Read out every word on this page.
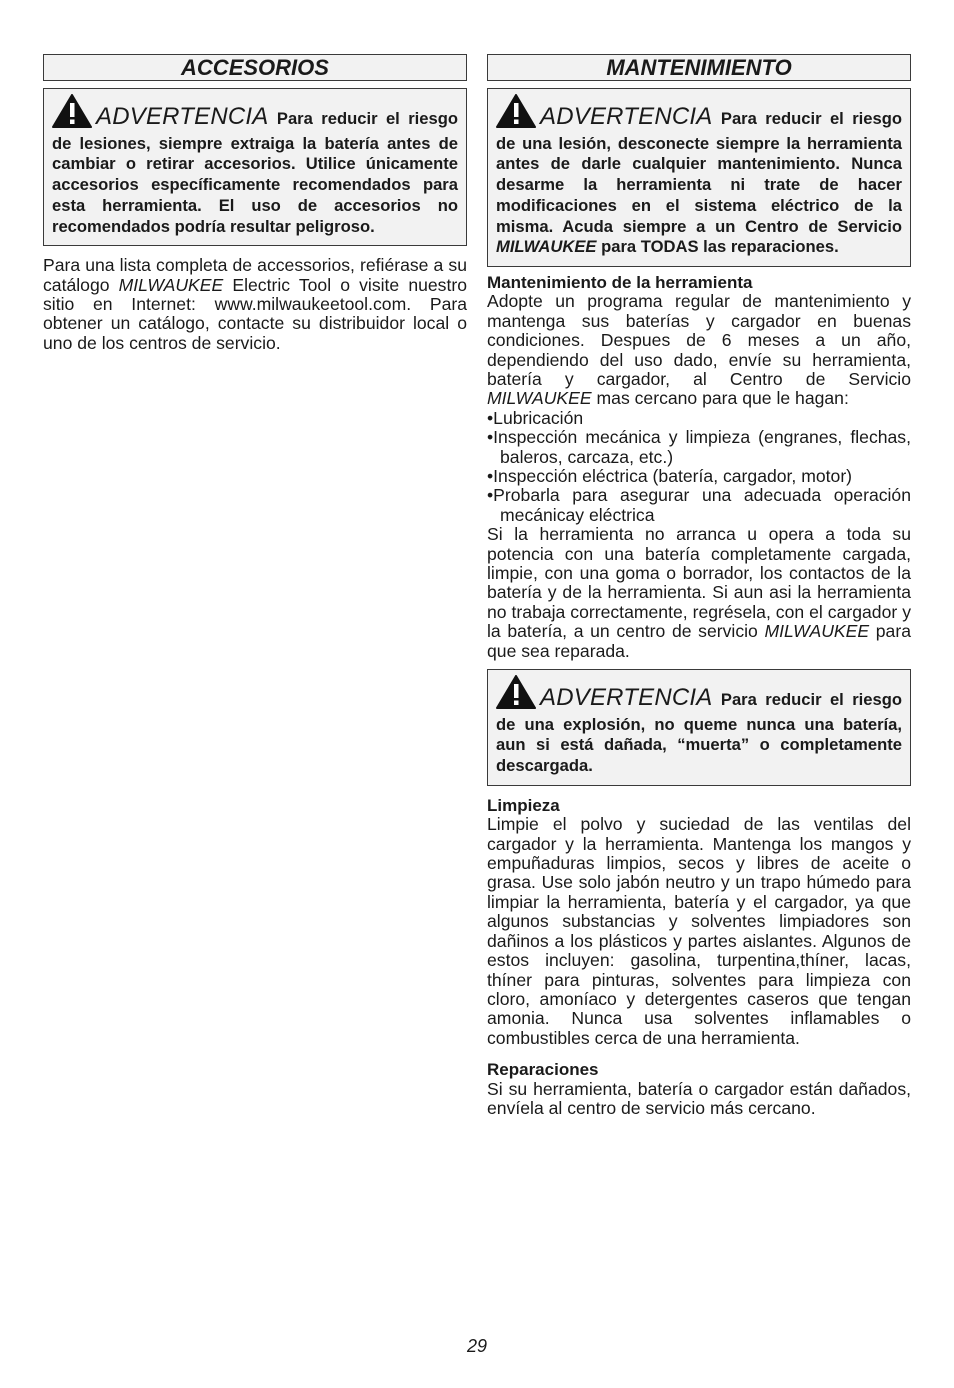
ACCESORIOS
ADVERTENCIA Para reducir el riesgo de lesiones, siempre extraiga la batería antes de cambiar o retirar accesorios. Utilice únicamente accesorios específicamente recomendados para esta herramienta. El uso de accesorios no recomendados podría resultar peligroso.

Para una lista completa de accessorios, refiérase a su catálogo MILWAUKEE Electric Tool o visite nuestro sitio en Internet: www.milwaukeetool.com. Para obtener un catálogo, contacte su distribuidor local o uno de los centros de servicio.

MANTENIMIENTO
ADVERTENCIA Para reducir el riesgo de una lesión, desconecte siempre la herramienta antes de darle cualquier mantenimiento. Nunca desarme la herramienta ni trate de hacer modificaciones en el sistema eléctrico de la misma. Acuda siempre a un Centro de Servicio MILWAUKEE para TODAS las reparaciones.

Mantenimiento de la herramienta

Adopte un programa regular de mantenimiento y mantenga sus baterías y cargador en buenas condiciones. Despues de 6 meses a un año, dependiendo del uso dado, envíe su herramienta, batería y cargador, al Centro de Servicio MILWAUKEE mas cercano para que le hagan:

•Lubricación

•Inspección mecánica y limpieza (engranes, flechas, baleros, carcaza, etc.)

•Inspección eléctrica (batería, cargador, motor)

•Probarla para asegurar una adecuada operación mecánicay eléctrica

Si la herramienta no arranca u opera a toda su potencia con una batería completamente cargada, limpie, con una goma o borrador, los contactos de la batería y de la herramienta. Si aun asi la herramienta no trabaja correctamente, regrésela, con el cargador y la batería, a un centro de servicio MILWAUKEE para que sea reparada.

ADVERTENCIA Para reducir el riesgo de una explosión, no queme nunca una batería, aun si está dañada, “muerta” o completamente descargada.

Limpieza

Limpie el polvo y suciedad de las ventilas del cargador y la herramienta. Mantenga los mangos y empuñaduras limpios, secos y libres de aceite o grasa. Use solo jabón neutro y un trapo húmedo para limpiar la herramienta, batería y el cargador, ya que algunos substancias y solventes limpiadores son dañinos a los plásticos y partes aislantes. Algunos de estos incluyen: gasolina, turpentina,thíner, lacas, thíner para pinturas, solventes para limpieza con cloro, amoníaco y detergentes caseros que tengan amonia. Nunca usa solventes inflamables o combustibles cerca de una herramienta.

Reparaciones

Si su herramienta, batería o cargador están dañados, envíela al centro de servicio más cercano.

29
